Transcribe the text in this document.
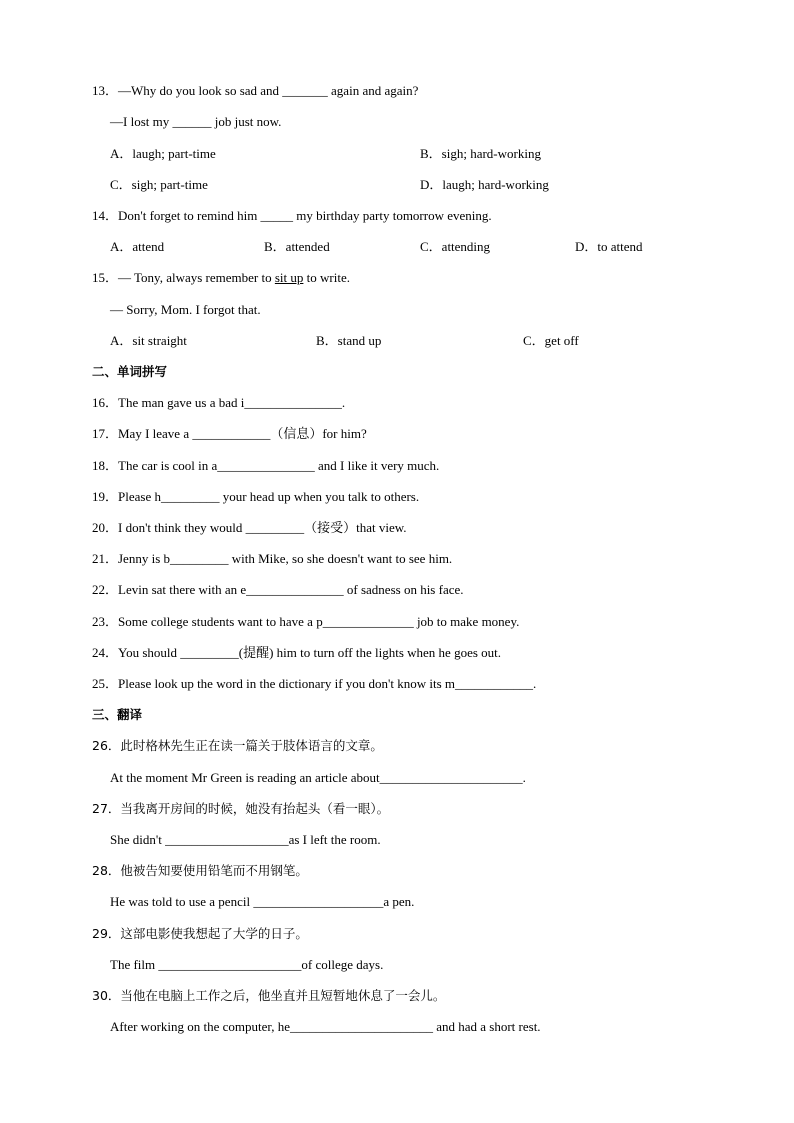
13．—Why do you look so sad and _______ again and again?
—I lost my ______ job just now.
A．laugh; part-time	B．sigh; hard-working
C．sigh; part-time	D．laugh; hard-working
14．Don't forget to remind him _____ my birthday party tomorrow evening.
A．attend	B．attended	C．attending	D．to attend
15．— Tony, always remember to sit up to write.
— Sorry, Mom. I forgot that.
A．sit straight	B．stand up	C．get off
二、单词拼写
16．The man gave us a bad i_______________.
17．May I leave a ____________（信息）for him?
18．The car is cool in a_______________ and I like it very much.
19．Please h_________ your head up when you talk to others.
20．I don't think they would _________（接受）that view.
21．Jenny is b_________ with Mike, so she doesn't want to see him.
22．Levin sat there with an e_______________ of sadness on his face.
23．Some college students want to have a p______________ job to make money.
24．You should _________(提醒) him to turn off the lights when he goes out.
25．Please look up the word in the dictionary if you don't know its m____________.
三、翻译
26．此时格林先生正在读一篇关于肢体语言的文章。
At the moment Mr Green is reading an article about______________________.
27．当我离开房间的时候，她没有抬起头（看一眼）。
She didn't ___________________as I left the room.
28．他被告知要使用铅笔而不用钢笔。
He was told to use a pencil ____________________a pen.
29．这部电影使我想起了大学的日子。
The film ______________________of college days.
30．当他在电脑上工作之后，他坐直并且短暂地休息了一会儿。
After working on the computer, he______________________ and had a short rest.
